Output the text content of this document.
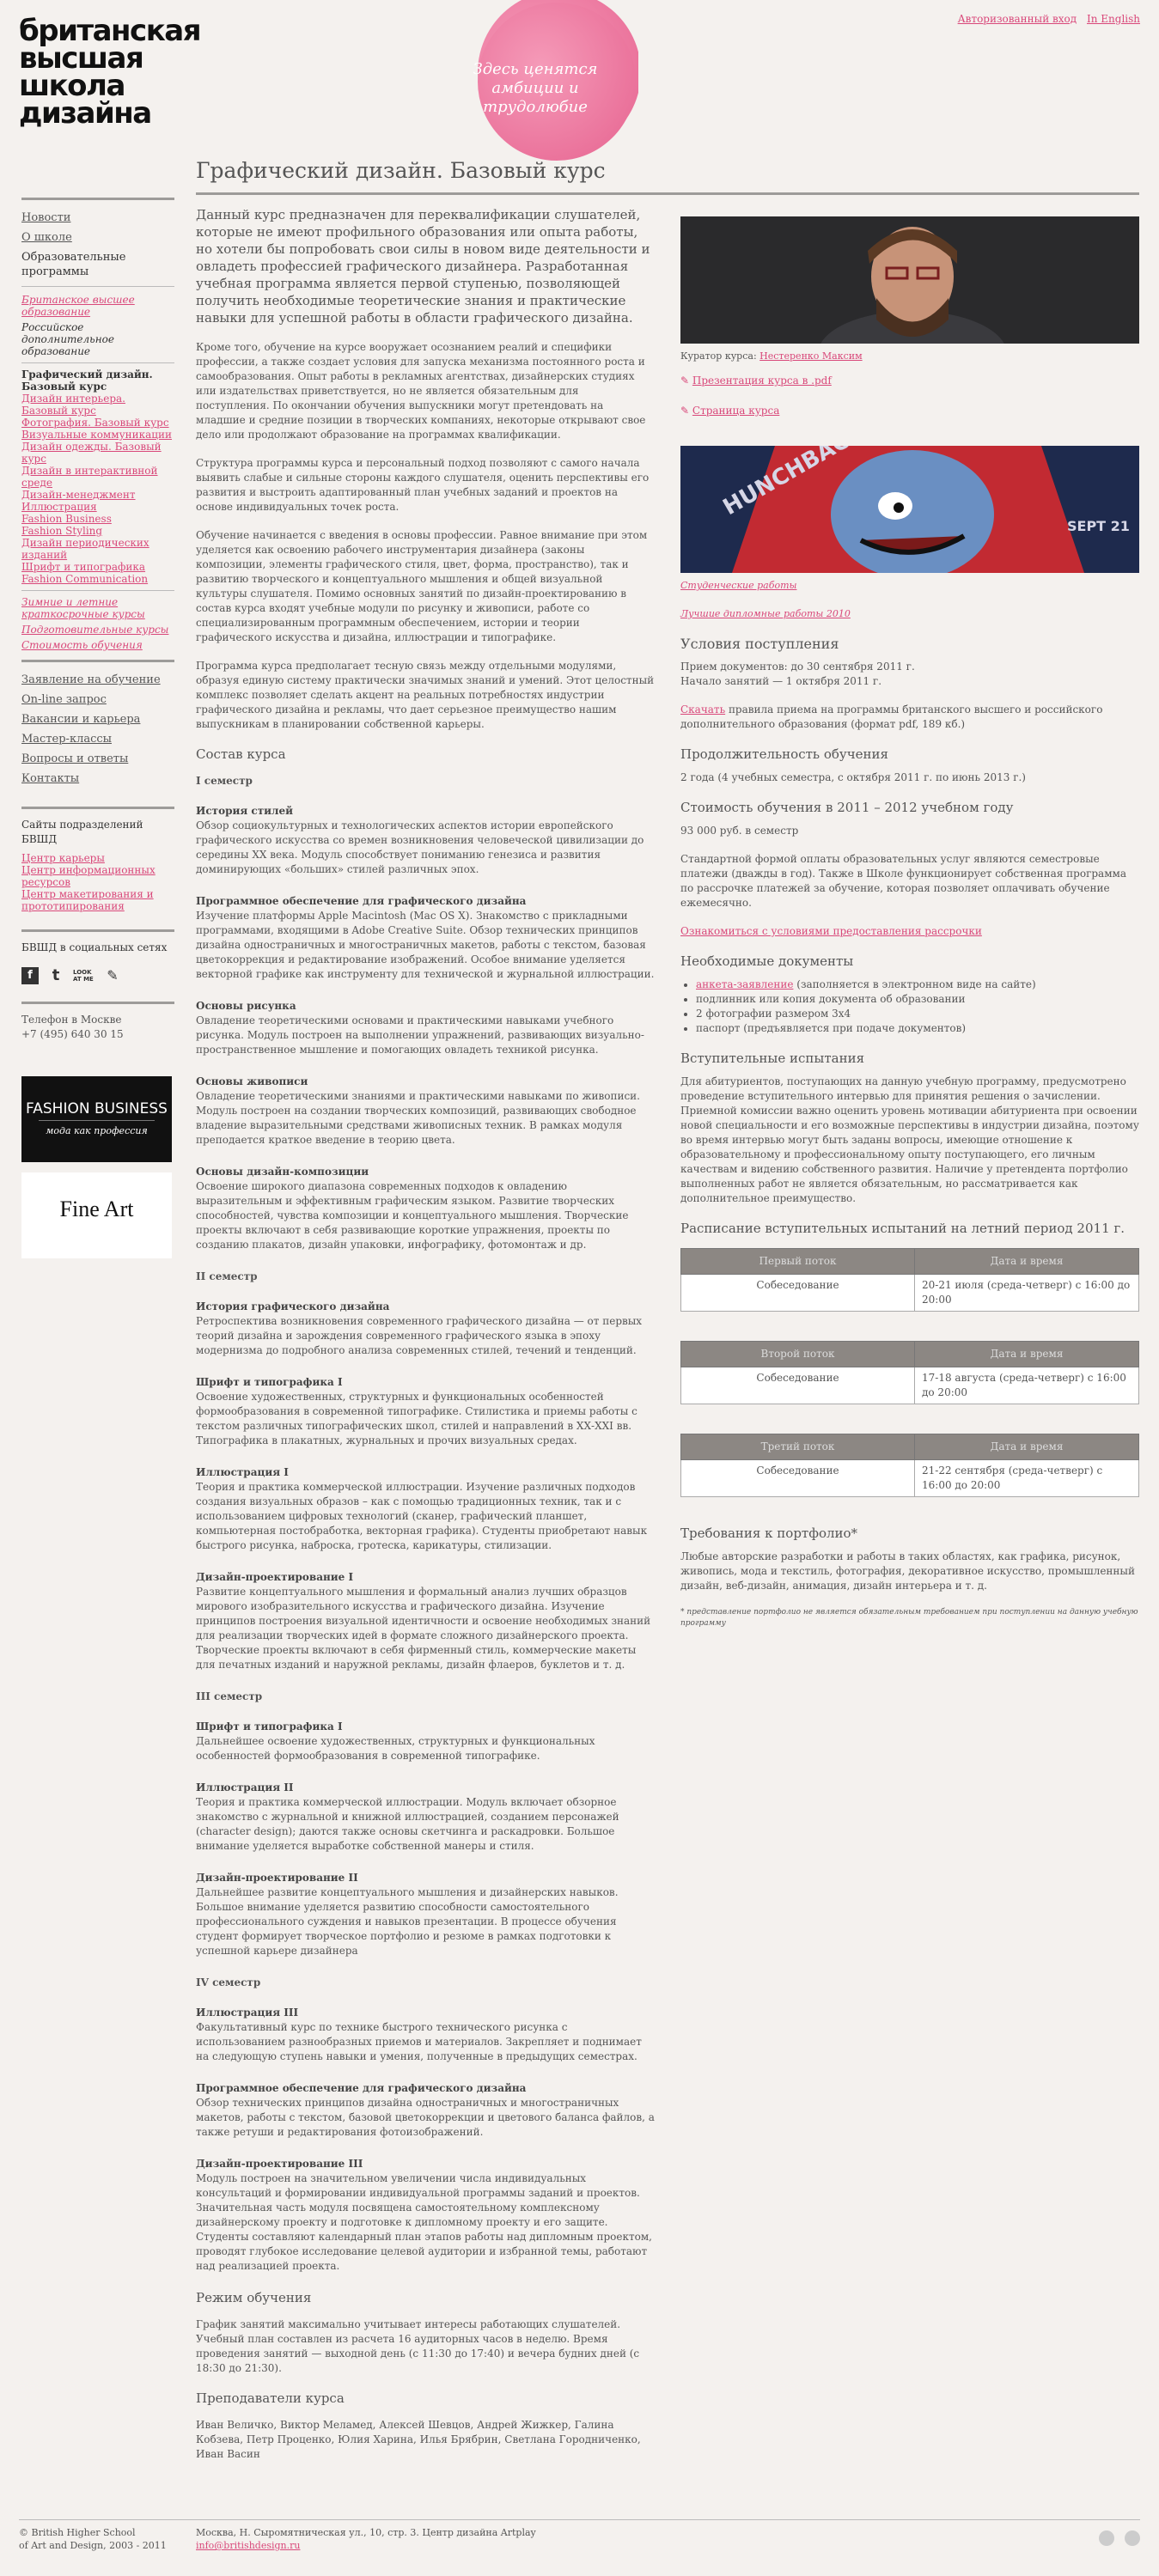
британская
высшая школа
дизайна
Здесь ценятся амбиции и трудолюбие
Авторизованный вход In English
Новости
О школе
Образовательные программы
Британское высшее образование
Российское дополнительное образование
Графический дизайн. Базовый курс
Дизайн интерьера. Базовый курс
Фотография. Базовый курс
Визуальные коммуникации
Дизайн одежды. Базовый курс
Дизайн в интерактивной среде
Дизайн-менеджмент
Иллюстрация
Fashion Business
Fashion Styling
Дизайн периодических изданий
Шрифт и типографика
Fashion Communication
Зимние и летние краткосрочные курсы
Подготовительные курсы
Стоимость обучения
Заявление на обучение
On-line запрос
Вакансии и карьера
Мастер-классы
Вопросы и ответы
Контакты
Сайты подразделений БВШД
Центр карьеры
Центр информационных ресурсов
Центр макетирования и прототипирования
БВШД в социальных сетях
f	t	LOOK AT ME ✎
Телефон в Москве
+7 (495) 640 30 15
FASHION BUSINESS
мода как профессия
Fine Art
Графический дизайн. Базовый курс

Данный курс предназначен для переквалификации слушателей, которые не имеют профильного образования или опыта работы, но хотели бы попробовать свои силы в новом виде деятельности и овладеть профессией графического дизайнера. Разработанная учебная программа является первой ступенью, позволяющей получить необходимые теоретические знания и практические навыки для успешной работы в области графического дизайна.

Кроме того, обучение на курсе вооружает осознанием реалий и специфики профессии, а также создает условия для запуска механизма постоянного роста и самообразования. Опыт работы в рекламных агентствах, дизайнерских студиях или издательствах приветствуется, но не является обязательным для поступления. По окончании обучения выпускники могут претендовать на младшие и средние позиции в творческих компаниях, некоторые открывают свое дело или продолжают образование на программах квалификации.

Структура программы курса и персональный подход позволяют с самого начала выявить слабые и сильные стороны каждого слушателя, оценить перспективы его развития и выстроить адаптированный план учебных заданий и проектов на основе индивидуальных точек роста.

Обучение начинается с введения в основы профессии. Равное внимание при этом уделяется как освоению рабочего инструментария дизайнера (законы композиции, элементы графического стиля, цвет, форма, пространство), так и развитию творческого и концептуального мышления и общей визуальной культуры слушателя. Помимо основных занятий по дизайн-проектированию в состав курса входят учебные модули по рисунку и живописи, работе со специализированным программным обеспечением, истории и теории графического искусства и дизайна, иллюстрации и типографике.

Программа курса предполагает тесную связь между отдельными модулями, образуя единую систему практически значимых знаний и умений. Этот целостный комплекс позволяет сделать акцент на реальных потребностях индустрии графического дизайна и рекламы, что дает серьезное преимущество нашим выпускникам в планировании собственной карьеры.

Состав курса
I семестр
История стилей
Обзор социокультурных и технологических аспектов истории европейского графического искусства со времен возникновения человеческой цивилизации до середины ХХ века. Модуль способствует пониманию генезиса и развития доминирующих «больших» стилей различных эпох.
Программное обеспечение для графического дизайна
Изучение платформы Apple Macintosh (Mac OS X). Знакомство с прикладными программами, входящими в Adobe Creative Suite. Обзор технических принципов дизайна одностраничных и многостраничных макетов, работы с текстом, базовая цветокоррекция и редактирование изображений. Особое внимание уделяется векторной графике как инструменту для технической и журнальной иллюстрации.
Основы рисунка
Овладение теоретическими основами и практическими навыками учебного рисунка. Модуль построен на выполнении упражнений, развивающих визуально-пространственное мышление и помогающих овладеть техникой рисунка.
Основы живописи
Овладение теоретическими знаниями и практическими навыками по живописи. Модуль построен на создании творческих композиций, развивающих свободное владение выразительными средствами живописных техник. В рамках модуля преподается краткое введение в теорию цвета.
Основы дизайн-композиции
Освоение широкого диапазона современных подходов к овладению выразительным и эффективным графическим языком. Развитие творческих способностей, чувства композиции и концептуального мышления. Творческие проекты включают в себя развивающие короткие упражнения, проекты по созданию плакатов, дизайн упаковки, инфографику, фотомонтаж и др.
II семестр
История графического дизайна
Ретроспектива возникновения современного графического дизайна — от первых теорий дизайна и зарождения современного графического языка в эпоху модернизма до подробного анализа современных стилей, течений и тенденций.
Шрифт и типографика I
Освоение художественных, структурных и функциональных особенностей формообразования в современной типографике. Стилистика и приемы работы с текстом различных типографических школ, стилей и направлений в ХХ-ХХI вв. Типографика в плакатных, журнальных и прочих визуальных средах.
Иллюстрация I
Теория и практика коммерческой иллюстрации. Изучение различных подходов создания визуальных образов – как с помощью традиционных техник, так и с использованием цифровых технологий (сканер, графический планшет, компьютерная постобработка, векторная графика). Студенты приобретают навык быстрого рисунка, наброска, гротеска, карикатуры, стилизации.
Дизайн-проектирование I
Развитие концептуального мышления и формальный анализ лучших образцов мирового изобразительного искусства и графического дизайна. Изучение принципов построения визуальной идентичности и освоение необходимых знаний для реализации творческих идей в формате сложного дизайнерского проекта. Творческие проекты включают в себя фирменный стиль, коммерческие макеты для печатных изданий и наружной рекламы, дизайн флаеров, буклетов и т. д.
III семестр
Шрифт и типографика I
Дальнейшее освоение художественных, структурных и функциональных особенностей формообразования в современной типографике.
Иллюстрация II
Теория и практика коммерческой иллюстрации. Модуль включает обзорное знакомство с журнальной и книжной иллюстрацией, созданием персонажей (character design); даются также основы скетчинга и раскадровки. Большое внимание уделяется выработке собственной манеры и стиля.
Дизайн-проектирование II
Дальнейшее развитие концептуального мышления и дизайнерских навыков. Большое внимание уделяется развитию способности самостоятельного профессионального суждения и навыков презентации. В процессе обучения студент формирует творческое портфолио и резюме в рамках подготовки к успешной карьере дизайнера
IV семестр
Иллюстрация III
Факультативный курс по технике быстрого технического рисунка с использованием разнообразных приемов и материалов. Закрепляет и поднимает на следующую ступень навыки и умения, полученные в предыдущих семестрах.
Программное обеспечение для графического дизайна
Обзор технических принципов дизайна одностраничных и многостраничных макетов, работы с текстом, базовой цветокоррекции и цветового баланса файлов, а также ретуши и редактирования фотоизображений.
Дизайн-проектирование III
Модуль построен на значительном увеличении числа индивидуальных консультаций и формировании индивидуальной программы заданий и проектов. Значительная часть модуля посвящена самостоятельному комплексному дизайнерскому проекту и подготовке к дипломному проекту и его защите. Студенты составляют календарный план этапов работы над дипломным проектом, проводят глубокое исследование целевой аудитории и избранной темы, работают над реализацией проекта.
Режим обучения

График занятий максимально учитывает интересы работающих слушателей. Учебный план составлен из расчета 16 аудиторных часов в неделю. Время проведения занятий — выходной день (с 11:30 до 17:40) и вечера будних дней (с 18:30 до 21:30).

Преподаватели курса

Иван Величко, Виктор Меламед, Алексей Шевцов, Андрей Жижкер, Галина Кобзева, Петр Проценко, Юлия Харина, Илья Брябрин, Светлана Городниченко, Иван Васин

Куратор курса: Нестеренко Максим
✎ Презентация курса в .pdf
✎ Страница курса
SEPT 21
Студенческие работы
Лучшие дипломные работы 2010
Условия поступления
Прием документов: до 30 сентября 2011 г.
Начало занятий — 1 октября 2011 г.
Скачать правила приема на программы британского высшего и российского дополнительного образования (формат pdf, 189 кб.)
Продолжительность обучения
2 года (4 учебных семестра, с октября 2011 г. по июнь 2013 г.)
Стоимость обучения в 2011 – 2012 учебном году
93 000 руб. в семестр
Стандартной формой оплаты образовательных услуг являются семестровые платежи (дважды в год). Также в Школе функционирует собственная программа по рассрочке платежей за обучение, которая позволяет оплачивать обучение ежемесячно.
Ознакомиться с условиями предоставления рассрочки
Необходимые документы
• анкета-заявление (заполняется в электронном виде на сайте)
• подлинник или копия документа об образовании
• 2 фотографии размером 3х4
• паспорт (предъявляется при подаче документов)
Вступительные испытания
Для абитуриентов, поступающих на данную учебную программу, предусмотрено проведение вступительного интервью для принятия решения о зачислении. Приемной комиссии важно оценить уровень мотивации абитуриента при освоении новой специальности и его возможные перспективы в индустрии дизайна, поэтому во время интервью могут быть заданы вопросы, имеющие отношение к образовательному и профессиональному опыту поступающего, его личным качествам и видению собственного развития. Наличие у претендента портфолио выполненных работ не является обязательным, но рассматривается как дополнительное преимущество.
Расписание вступительных испытаний на летний период 2011 г.
Первый поток	Дата и время
Собеседование	20-21 июля (среда-четверг) с 16:00 до 20:00
Второй поток	Дата и время
Собеседование	17-18 августа (среда-четверг) с 16:00 до 20:00
Третий поток	Дата и время
Собеседование	21-22 сентября (среда-четверг) с 16:00 до 20:00
Требования к портфолио*
Любые авторские разработки и работы в таких областях, как графика, рисунок, живопись, мода и текстиль, фотография, декоративное искусство, промышленный дизайн, веб-дизайн, анимация, дизайн интерьера и т. д.
* представление портфолио не является обязательным требованием при поступлении на данную учебную программу
© British Higher School
of Art and Design, 2003 - 2011
Москва, Н. Сыромятническая ул., 10, стр. 3. Центр дизайна Artplay
info@britishdesign.ru
